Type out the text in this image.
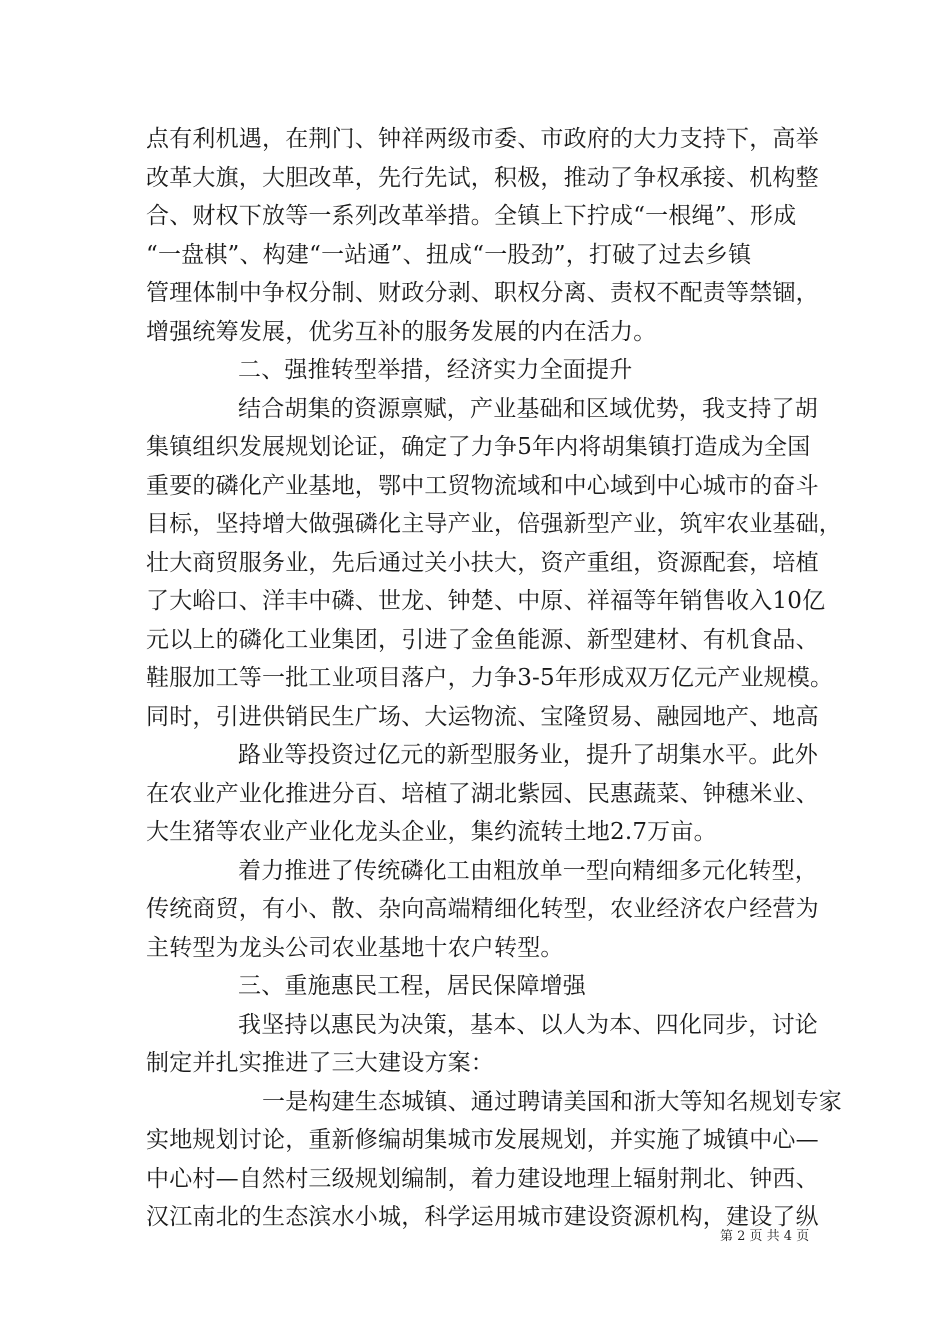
点有利机遇，在荆门、钟祥两级市委、市政府的大力支持下，高举
改革大旗，大胆改革，先行先试，积极，推动了争权承接、机构整
合、财权下放等一系列改革举措。全镇上下拧成“一根绳”、形成
“一盘棋”、构建“一站通”、扭成“一股劲”，打破了过去乡镇
管理体制中争权分制、财政分剥、职权分离、责权不配责等禁锢，
增强统筹发展，优劣互补的服务发展的内在活力。
二、强推转型举措，经济实力全面提升
结合胡集的资源禀赋，产业基础和区域优势，我支持了胡
集镇组织发展规划论证，确定了力争5年内将胡集镇打造成为全国
重要的磷化产业基地，鄂中工贸物流域和中心域到中心城市的奋斗
目标，坚持增大做强磷化主导产业，倍强新型产业，筑牢农业基础，
壮大商贸服务业，先后通过关小扶大，资产重组，资源配套，培植
了大峪口、洋丰中磷、世龙、钟楚、中原、祥福等年销售收入10亿
元以上的磷化工业集团，引进了金鱼能源、新型建材、有机食品、
鞋服加工等一批工业项目落户，力争3-5年形成双万亿元产业规模。
同时，引进供销民生广场、大运物流、宝隆贸易、融园地产、地高
路业等投资过亿元的新型服务业，提升了胡集水平。此外
在农业产业化推进分百、培植了湖北紫园、民惠蔬菜、钟穗米业、
大生猪等农业产业化龙头企业，集约流转土地2.7万亩。
着力推进了传统磷化工由粗放单一型向精细多元化转型，
传统商贸，有小、散、杂向高端精细化转型，农业经济农户经营为
主转型为龙头公司农业基地十农户转型。
三、重施惠民工程，居民保障增强
我坚持以惠民为决策，基本、以人为本、四化同步，讨论
制定并扎实推进了三大建设方案：
一是构建生态城镇、通过聘请美国和浙大等知名规划专家
实地规划讨论，重新修编胡集城市发展规划，并实施了城镇中心—
中心村—自然村三级规划编制，着力建设地理上辐射荆北、钟西、
汉江南北的生态滨水小城，科学运用城市建设资源机构，建设了纵
第 2 页 共 4 页
